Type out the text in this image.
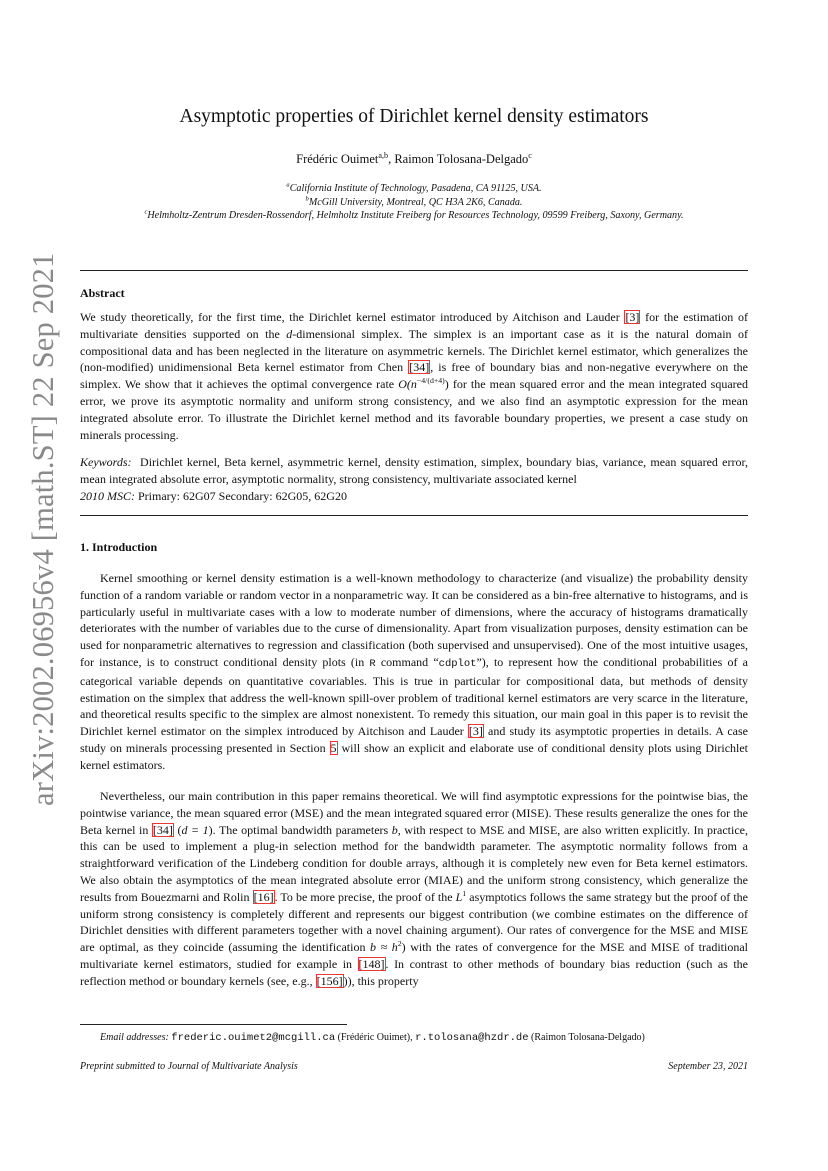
arXiv:2002.06956v4 [math.ST] 22 Sep 2021
Asymptotic properties of Dirichlet kernel density estimators
Frédéric Ouimet$^{a,b}$, Raimon Tolosana-Delgado$^c$
$^a$California Institute of Technology, Pasadena, CA 91125, USA.
$^b$McGill University, Montreal, QC H3A 2K6, Canada.
$^c$Helmholtz-Zentrum Dresden-Rossendorf, Helmholtz Institute Freiberg for Resources Technology, 09599 Freiberg, Saxony, Germany.
Abstract
We study theoretically, for the first time, the Dirichlet kernel estimator introduced by Aitchison and Lauder [3] for the estimation of multivariate densities supported on the d-dimensional simplex. The simplex is an important case as it is the natural domain of compositional data and has been neglected in the literature on asymmetric kernels. The Dirichlet kernel estimator, which generalizes the (non-modified) unidimensional Beta kernel estimator from Chen [34], is free of boundary bias and non-negative everywhere on the simplex. We show that it achieves the optimal convergence rate $O(n^{-4/(d+4)})$ for the mean squared error and the mean integrated squared error, we prove its asymptotic normality and uniform strong consistency, and we also find an asymptotic expression for the mean integrated absolute error. To illustrate the Dirichlet kernel method and its favorable boundary properties, we present a case study on minerals processing.
Keywords: Dirichlet kernel, Beta kernel, asymmetric kernel, density estimation, simplex, boundary bias, variance, mean squared error, mean integrated absolute error, asymptotic normality, strong consistency, multivariate associated kernel
2010 MSC: Primary: 62G07 Secondary: 62G05, 62G20
1. Introduction
Kernel smoothing or kernel density estimation is a well-known methodology to characterize (and visualize) the probability density function of a random variable or random vector in a nonparametric way. It can be considered as a bin-free alternative to histograms, and is particularly useful in multivariate cases with a low to moderate number of dimensions, where the accuracy of histograms dramatically deteriorates with the number of variables due to the curse of dimensionality. Apart from visualization purposes, density estimation can be used for nonparametric alternatives to regression and classification (both supervised and unsupervised). One of the most intuitive usages, for instance, is to construct conditional density plots (in R command “cdplot”), to represent how the conditional probabilities of a categorical variable depends on quantitative covariables. This is true in particular for compositional data, but methods of density estimation on the simplex that address the well-known spill-over problem of traditional kernel estimators are very scarce in the literature, and theoretical results specific to the simplex are almost nonexistent. To remedy this situation, our main goal in this paper is to revisit the Dirichlet kernel estimator on the simplex introduced by Aitchison and Lauder [3] and study its asymptotic properties in details. A case study on minerals processing presented in Section 5 will show an explicit and elaborate use of conditional density plots using Dirichlet kernel estimators.
Nevertheless, our main contribution in this paper remains theoretical. We will find asymptotic expressions for the pointwise bias, the pointwise variance, the mean squared error (MSE) and the mean integrated squared error (MISE). These results generalize the ones for the Beta kernel in [34] (d = 1). The optimal bandwidth parameters b, with respect to MSE and MISE, are also written explicitly. In practice, this can be used to implement a plug-in selection method for the bandwidth parameter. The asymptotic normality follows from a straightforward verification of the Lindeberg condition for double arrays, although it is completely new even for Beta kernel estimators. We also obtain the asymptotics of the mean integrated absolute error (MIAE) and the uniform strong consistency, which generalize the results from Bouezmarni and Rolin [16]. To be more precise, the proof of the $L^1$ asymptotics follows the same strategy but the proof of the uniform strong consistency is completely different and represents our biggest contribution (we combine estimates on the difference of Dirichlet densities with different parameters together with a novel chaining argument). Our rates of convergence for the MSE and MISE are optimal, as they coincide (assuming the identification $b \approx h^2$) with the rates of convergence for the MSE and MISE of traditional multivariate kernel estimators, studied for example in [148]. In contrast to other methods of boundary bias reduction (such as the reflection method or boundary kernels (see, e.g., [156])), this property
Email addresses: frederic.ouimet2@mcgill.ca (Frédéric Ouimet), r.tolosana@hzdr.de (Raimon Tolosana-Delgado)
Preprint submitted to Journal of Multivariate Analysis	September 23, 2021
